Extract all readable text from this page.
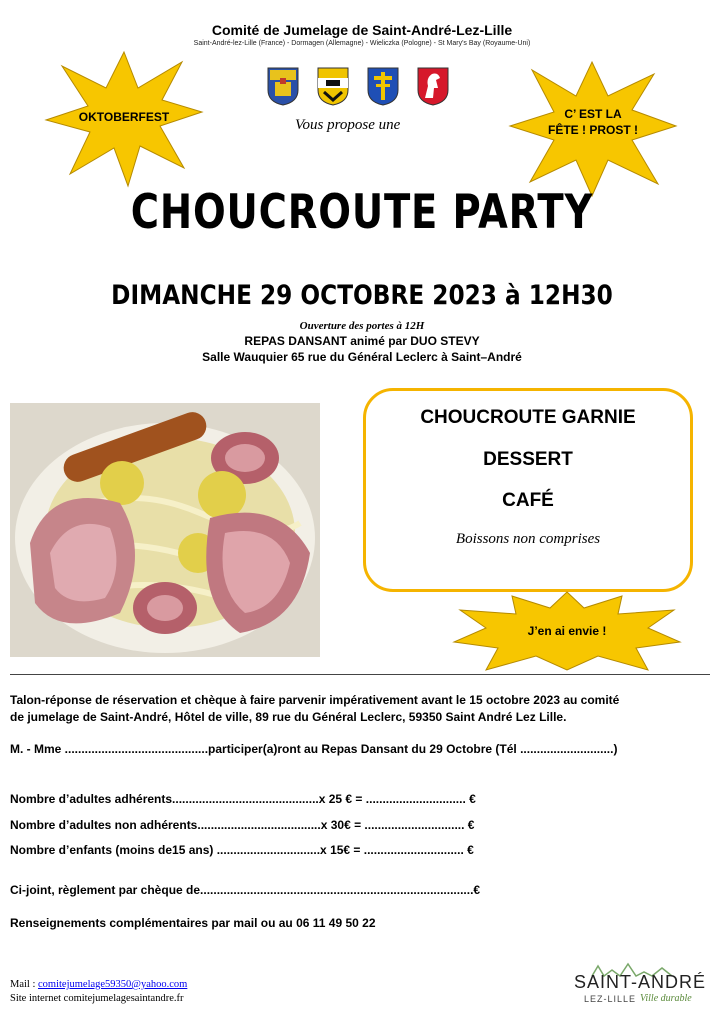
Comité de Jumelage de Saint-André-Lez-Lille
Saint-André-lez-Lille (France) - Dormagen (Allemagne) - Wieliczka (Pologne) - St Mary's Bay (Royaume-Uni)
Vous propose une
OKTOBERFEST	C’ EST LA
FÊTE ! PROST !
CHOUCROUTE PARTY
DIMANCHE 29 OCTOBRE 2023 à 12H30
Ouverture des portes à 12H
REPAS DANSANT animé par DUO STEVY
Salle Wauquier 65 rue du Général Leclerc à Saint–André
CHOUCROUTE GARNIE
DESSERT
CAFÉ
Boissons non comprises
J’en ai envie !
Talon-réponse de réservation et chèque à faire parvenir impérativement avant le 15 octobre 2023 au comité
de jumelage de Saint-André, Hôtel de ville, 89 rue du Général Leclerc, 59350 Saint André Lez Lille.
M. - Mme ...........................................participer(a)ront au Repas Dansant du 29 Octobre (Tél ............................)
Nombre d’adultes adhérents............................................x 25 € = .............................. €
Nombre d’adultes non adhérents.....................................x 30€ = .............................. €
Nombre d’enfants (moins de15 ans) ...............................x 15€ = .............................. €
Ci-joint, règlement par chèque de..................................................................................€
Renseignements complémentaires par mail ou au 06 11 49 50 22
Mail : comitejumelage59350@yahoo.com
Site internet comitejumelagesaintandre.fr
SAINT-ANDRÉ
LEZ-LILLE Ville durable
